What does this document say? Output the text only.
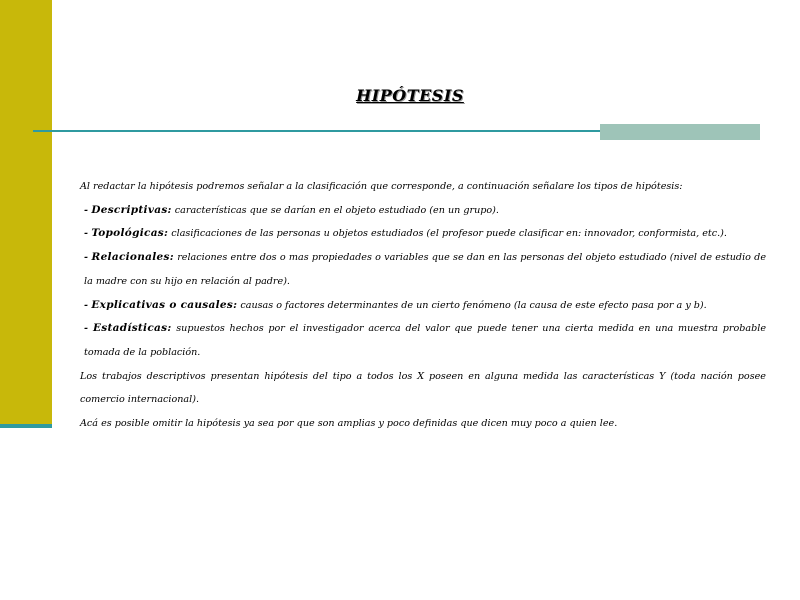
HIPÓTESIS

Al redactar la hipótesis podremos señalar a la clasificación que corresponde, a continuación señalare los tipos de hipótesis:

- Descriptivas: características que se darían en el objeto estudiado (en un grupo).

- Topológicas: clasificaciones de las personas u objetos estudiados (el profesor puede clasificar en: innovador, conformista, etc.).

- Relacionales: relaciones entre dos o mas propiedades o variables que se dan en las personas del objeto estudiado (nivel de estudio de la madre con su hijo en relación al padre).

- Explicativas o causales: causas o factores determinantes de un cierto fenómeno (la causa de este efecto pasa por a y b).

- Estadísticas: supuestos hechos por el investigador acerca del valor que puede tener una cierta medida en una muestra probable tomada de la población.

Los trabajos descriptivos presentan hipótesis del tipo a todos los X poseen en alguna medida las características Y (toda nación posee comercio internacional).

Acá es posible omitir la hipótesis ya sea por que son amplias y poco definidas que dicen muy poco a quien lee.
